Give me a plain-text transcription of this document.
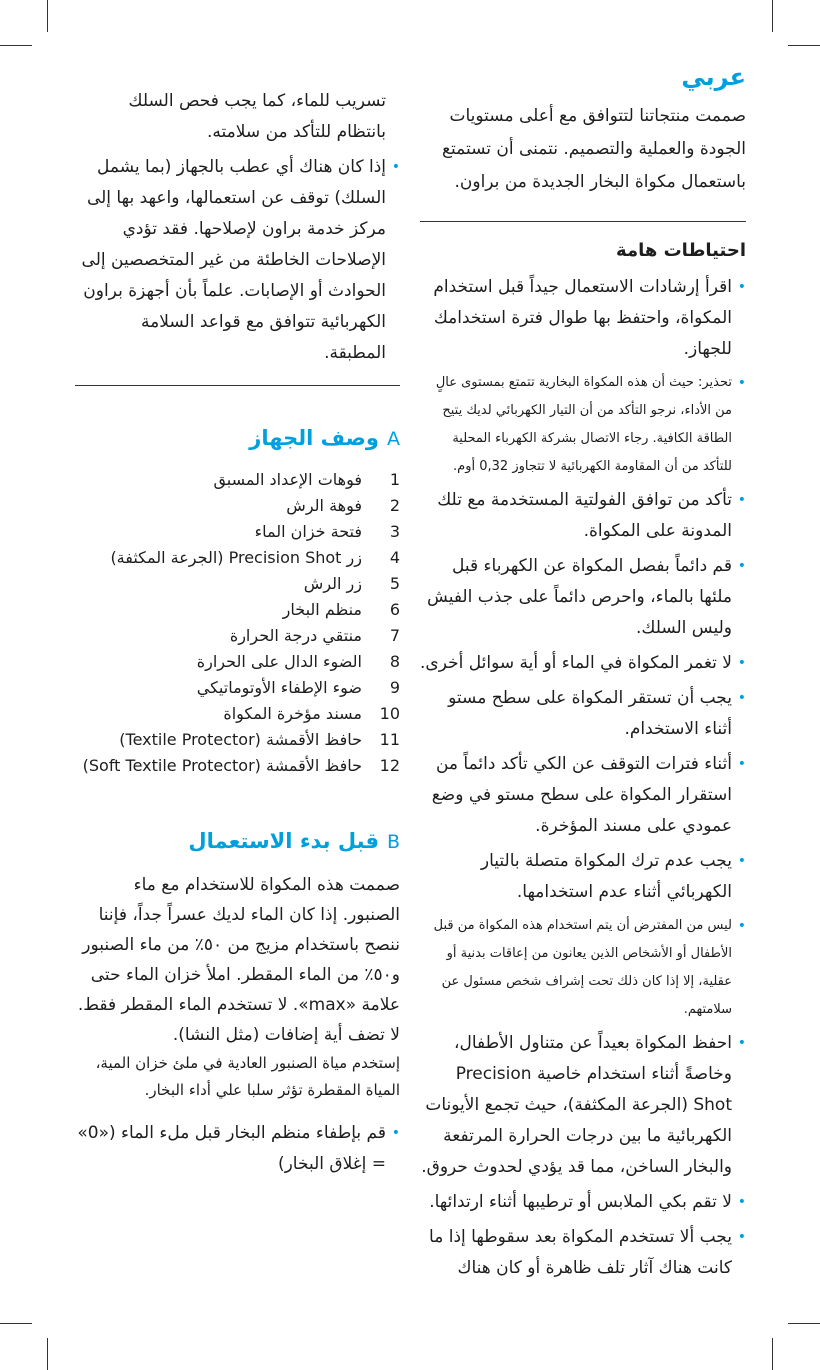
عربي

صممت منتجاتنا لتتوافق مع أعلى مستويات الجودة والعملية والتصميم. نتمنى أن تستمتع باستعمال مكواة البخار الجديدة من براون.

احتياطات هامة
• اقرأ إرشادات الاستعمال جيداً قبل استخدام المكواة، واحتفظ بها طوال فترة استخدامك للجهاز.
• تحذير: حيث أن هذه المكواة البخارية تتمتع بمستوى عالٍ من الأداء، نرجو التأكد من أن التيار الكهربائي لديك يتيح الطاقة الكافية. رجاء الاتصال بشركة الكهرباء المحلية للتأكد من أن المقاومة الكهربائية لا تتجاوز 0,32 أوم.
• تأكد من توافق الفولتية المستخدمة مع تلك المدونة على المكواة.
• قم دائماً بفصل المكواة عن الكهرباء قبل ملئها بالماء، واحرص دائماً على جذب الفيش وليس السلك.
• لا تغمر المكواة في الماء أو أية سوائل أخرى.
• يجب أن تستقر المكواة على سطح مستو أثناء الاستخدام.
• أثناء فترات التوقف عن الكي تأكد دائماً من استقرار المكواة على سطح مستو في وضع عمودي على مسند المؤخرة.
• يجب عدم ترك المكواة متصلة بالتيار الكهربائي أثناء عدم استخدامها.
• ليس من المفترض أن يتم استخدام هذه المكواة من قبل الأطفال أو الأشخاص الذين يعانون من إعاقات بدنية أو عقلية، إلا إذا كان ذلك تحت إشراف شخص مسئول عن سلامتهم.
• احفظ المكواة بعيداً عن متناول الأطفال، وخاصةً أثناء استخدام خاصية Precision Shot (الجرعة المكثفة)، حيث تجمع الأيونات الكهربائية ما بين درجات الحرارة المرتفعة والبخار الساخن، مما قد يؤدي لحدوث حروق.
• لا تقم بكي الملابس أو ترطيبها أثناء ارتدائها.
• يجب ألا تستخدم المكواة بعد سقوطها إذا ما كانت هناك آثار تلف ظاهرة أو كان هناك

تسريب للماء، كما يجب فحص السلك بانتظام للتأكد من سلامته.

• إذا كان هناك أي عطب بالجهاز (بما يشمل السلك) توقف عن استعمالها، واعهد بها إلى مركز خدمة براون لإصلاحها. فقد تؤدي الإصلاحات الخاطئة من غير المتخصصين إلى الحوادث أو الإصابات. علماً بأن أجهزة براون الكهربائية تتوافق مع قواعد السلامة المطبقة.
A
وصف الجهاز
1
فوهات الإعداد المسبق
2
فوهة الرش
3
فتحة خزان الماء
4
زر Precision Shot (الجرعة المكثفة)
5
زر الرش
6
منظم البخار
7
منتقي درجة الحرارة
8
الضوء الدال على الحرارة
9
ضوء الإطفاء الأوتوماتيكي
10
مسند مؤخرة المكواة
11
حافظ الأقمشة (Textile Protector)
12
حافظ الأقمشة (Soft Textile Protector)
B
قبل بدء الاستعمال

صممت هذه المكواة للاستخدام مع ماء الصنبور. إذا كان الماء لديك عسراً جداً، فإننا ننصح باستخدام مزيج من ٥٠٪ من ماء الصنبور و٥٠٪ من الماء المقطر. املأ خزان الماء حتى علامة «max». لا تستخدم الماء المقطر فقط. لا تضف أية إضافات (مثل النشا).

إستخدم مياة الصنبور العادية في ملئ خزان المية، المياة المقطرة تؤثر سلبا علي أداء البخار.

• قم بإطفاء منظم البخار قبل ملء الماء («0» = إغلاق البخار)
